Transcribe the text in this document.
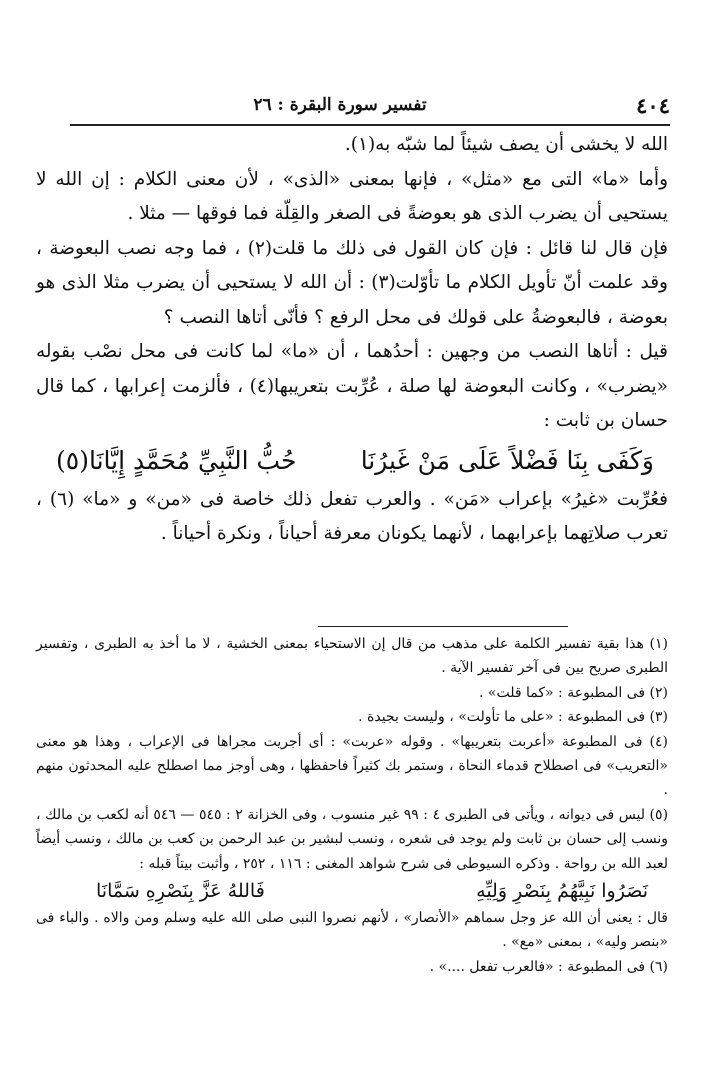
٤٠٤
تفسير سورة البقرة : ٢٦

الله لا يخشى أن يصف شيئاً لما شبّه به(١).

وأما «ما» التى مع «مثل» ، فإنها بمعنى «الذى» ، لأن معنى الكلام : إن الله لا يستحيى أن يضرب الذى هو بعوضةً فى الصغر والقِلّة فما فوقها — مثلا .

فإن قال لنا قائل : فإن كان القول فى ذلك ما قلت(٢) ، فما وجه نصب البعوضة ، وقد علمت أنّ تأويل الكلام ما تأوّلت(٣) : أن الله لا يستحيى أن يضرب مثلا الذى هو بعوضة ، فالبعوضةُ على قولك فى محل الرفع ؟ فأنّى أتاها النصب ؟

قيل : أتاها النصب من وجهين : أحدُهما ، أن «ما» لما كانت فى محل نصْب بقوله «يضرب» ، وكانت البعوضة لها صلة ، عُرِّبت بتعريبها(٤) ، فألزمت إعرابها ، كما قال حسان بن ثابت :

وَكَفَى بِنَا فَضْلاً عَلَى مَنْ غَيرُنَا
حُبُّ النَّبِيِّ مُحَمَّدٍ إِيَّانَا(٥)

فعُرِّبت «غيرُ» بإعراب «مَن» . والعرب تفعل ذلك خاصة فى «من» و «ما» (٦) ، تعرب صلاتِهما بإعرابهما ، لأنهما يكونان معرفة أحياناً ، ونكرة أحياناً .

(١) هذا بقية تفسير الكلمة على مذهب من قال إن الاستحياء بمعنى الخشية ، لا ما أخذ به الطبرى ، وتفسير الطبرى صريح بين فى آخر تفسير الآية .

(٢) فى المطبوعة : «كما قلت» .

(٣) فى المطبوعة : «على ما تأولت» ، وليست بجيدة .

(٤) فى المطبوعة «أعربت بتعريبها» . وقوله «عربت» : أى أجريت مجراها فى الإعراب ، وهذا هو معنى «التعريب» فى اصطلاح قدماء النحاة ، وستمر بك كثيراً فاحفظها ، وهى أوجز مما اصطلح عليه المحدثون منهم .

(٥) ليس فى ديوانه ، ويأتى فى الطبرى ٤ : ٩٩ غير منسوب ، وفى الخزانة ٢ : ٥٤٥ — ٥٤٦ أنه لكعب بن مالك ، ونسب إلى حسان بن ثابت ولم يوجد فى شعره ، ونسب لبشير بن عبد الرحمن بن كعب بن مالك ، ونسب أيضاً لعبد الله بن رواحة . وذكره السيوطى فى شرح شواهد المغنى : ١١٦ ، ٢٥٢ ، وأثبت بيتاً قبله :

نَصَرُوا نَبِيَّهُمُ بِنَصْرِ وَلِيِّهِ
فَاللهُ عَزَّ بِنَصْرِهِ سَمَّانَا

قال : يعنى أن الله عز وجل سماهم «الأنصار» ، لأنهم نصروا النبى صلى الله عليه وسلم ومن والاه . والباء فى «بنصر وليه» ، بمعنى «مع» .

(٦) فى المطبوعة : «فالعرب تفعل ....» .
